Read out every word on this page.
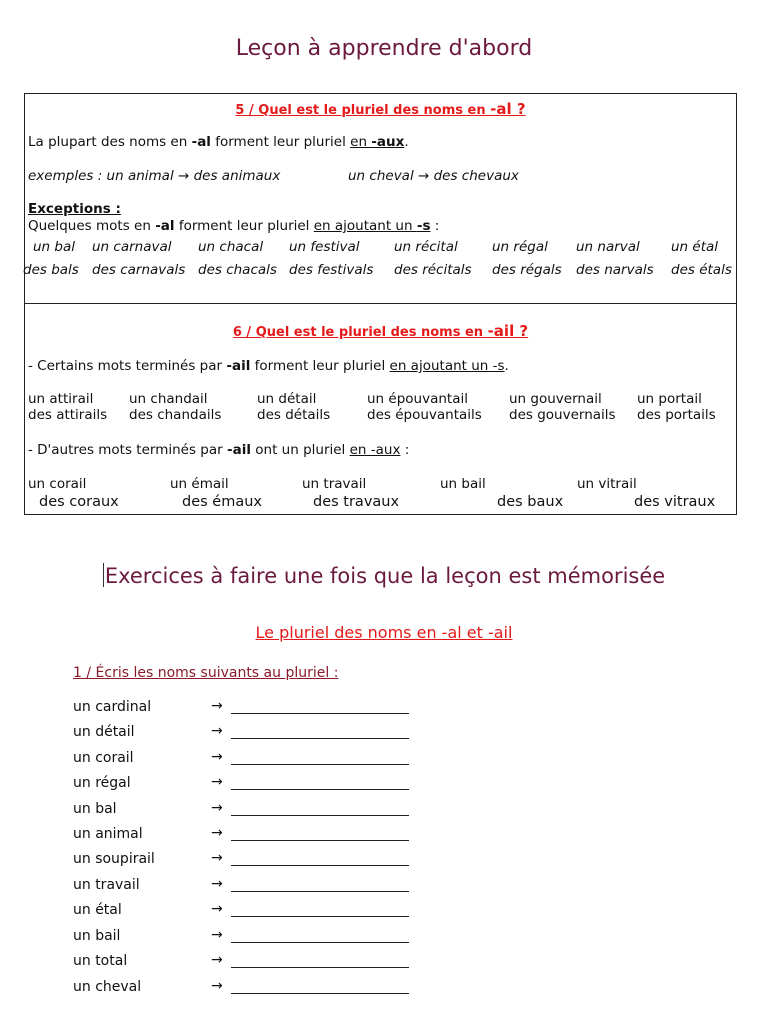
Leçon à apprendre d'abord
5 / Quel est le pluriel des noms en -al ?
La plupart des noms en -al forment leur pluriel en -aux.
exemples : un animal → des animaux	un cheval → des chevaux
Exceptions :
Quelques mots en -al forment leur pluriel en ajoutant un -s :
un bal un carnaval un chacal un festival	un récital	un régal un narval un étal
des bals des carnavals des chacals des festivals des récitals des régals des narvals des étals
6 / Quel est le pluriel des noms en -ail ?
- Certains mots terminés par -ail forment leur pluriel en ajoutant un -s.
un attirail	un chandail	un détail	un épouvantail	un gouvernail	un portail
des attirails des chandails	des détails	des épouvantails des gouvernails des portails
- D'autres mots terminés par -ail ont un pluriel en -aux :
un corail	un émail	un travail	un bail	un vitrail
des coraux	des émaux	des travaux	des baux	des vitraux
Exercices à faire une fois que la leçon est mémorisée
Le pluriel des noms en -al et -ail
1 / Écris les noms suivants au pluriel :
un cardinal	→
un détail	→
un corail	→
un régal	→
un bal	→
un animal	→
un soupirail	→
un travail	→
un étal	→
un bail	→
un total	→
un cheval	→
